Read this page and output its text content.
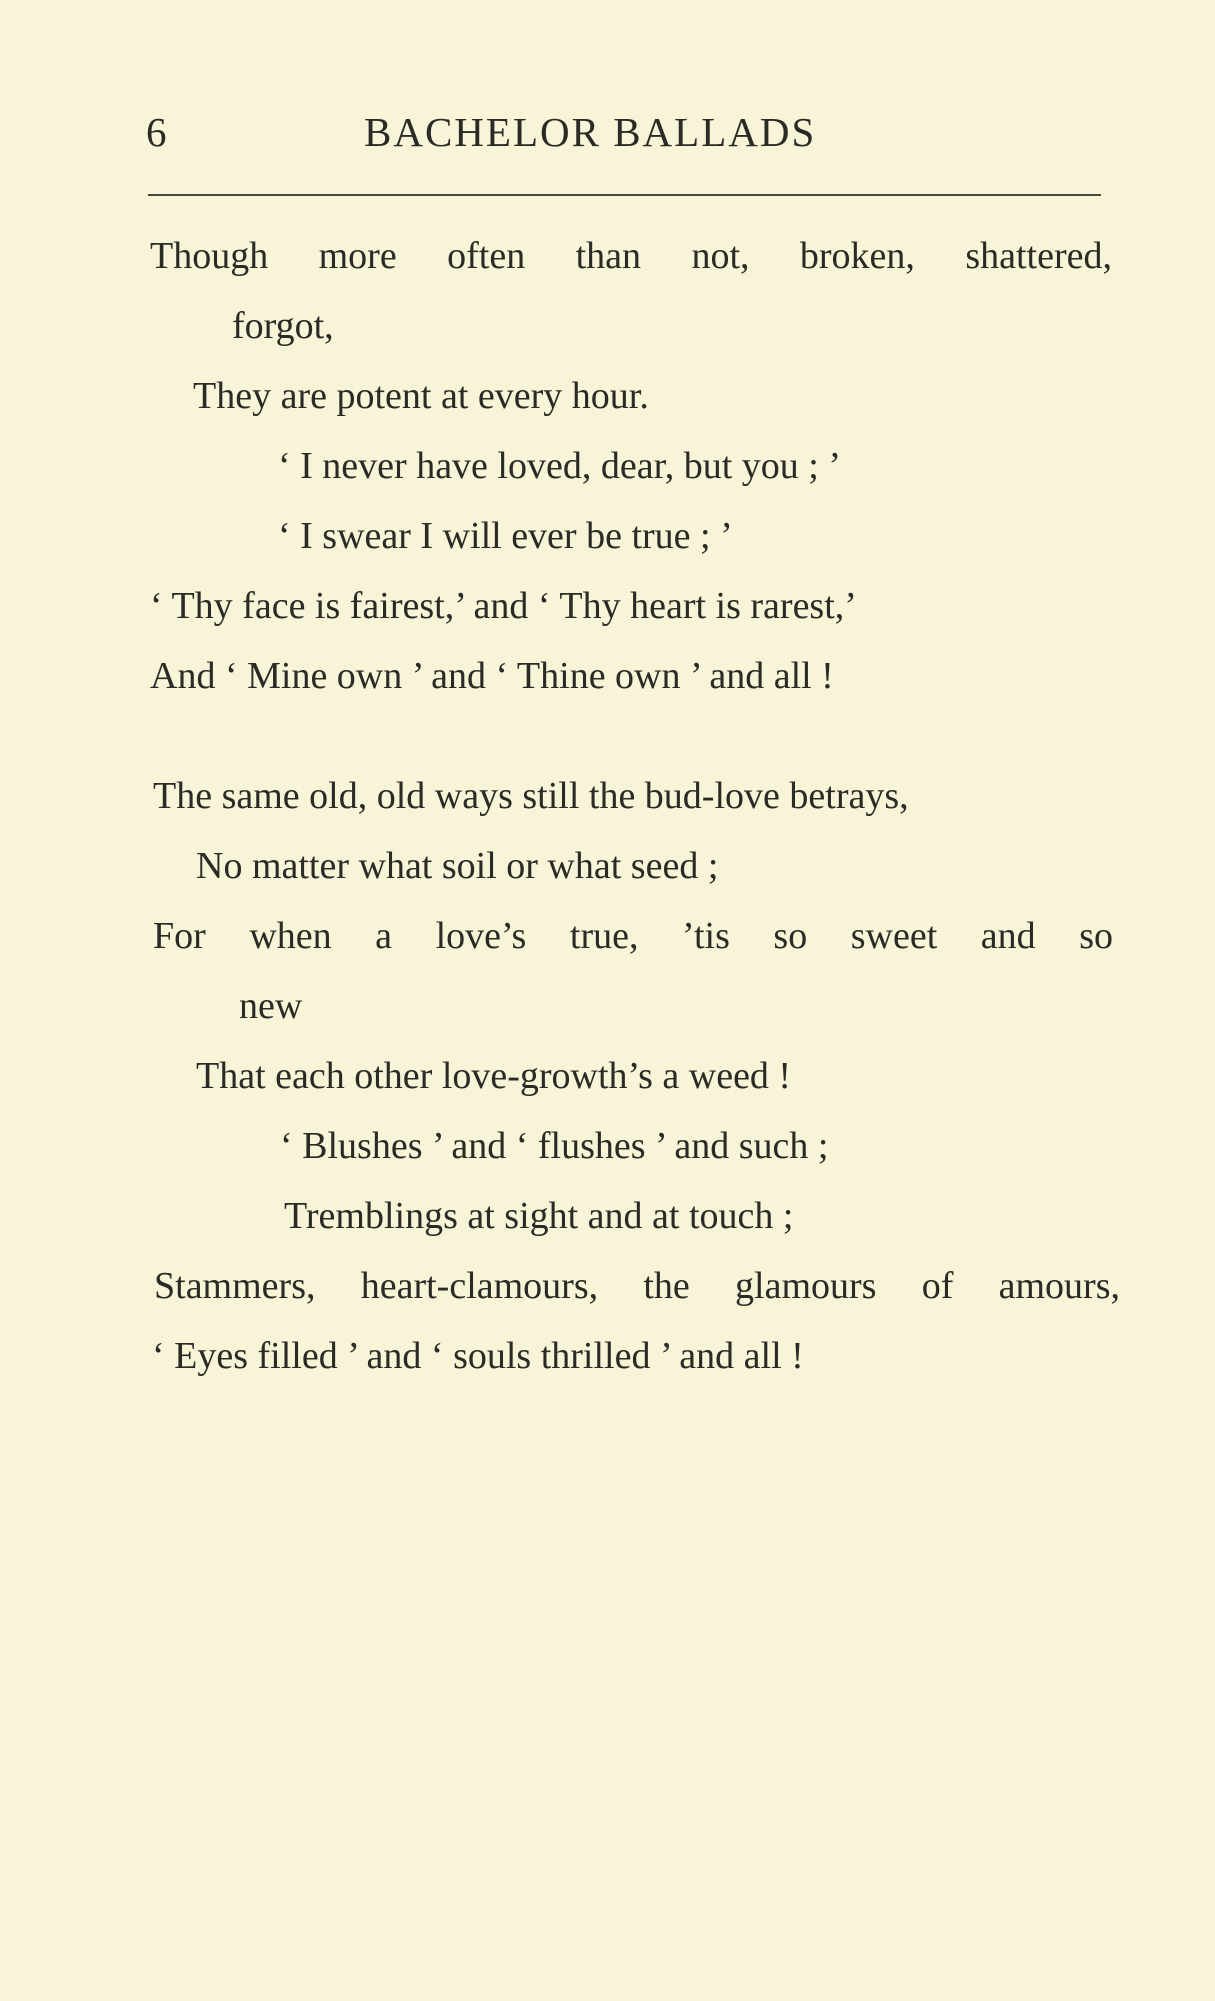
6	BACHELOR BALLADS
Though more often than not, broken, shattered,
forgot,
They are potent at every hour.
‘ I never have loved, dear, but you ; ’
‘ I swear I will ever be true ; ’
‘ Thy face is fairest,’ and ‘ Thy heart is rarest,’
And ‘ Mine own ’ and ‘ Thine own ’ and all !
The same old, old ways still the bud-love betrays,
No matter what soil or what seed ;
For when a love’s true, ’tis so sweet and so
new
That each other love-growth’s a weed !
‘ Blushes ’ and ‘ flushes ’ and such ;
Tremblings at sight and at touch ;
Stammers, heart-clamours, the glamours of amours,
‘ Eyes filled ’ and ‘ souls thrilled ’ and all !
